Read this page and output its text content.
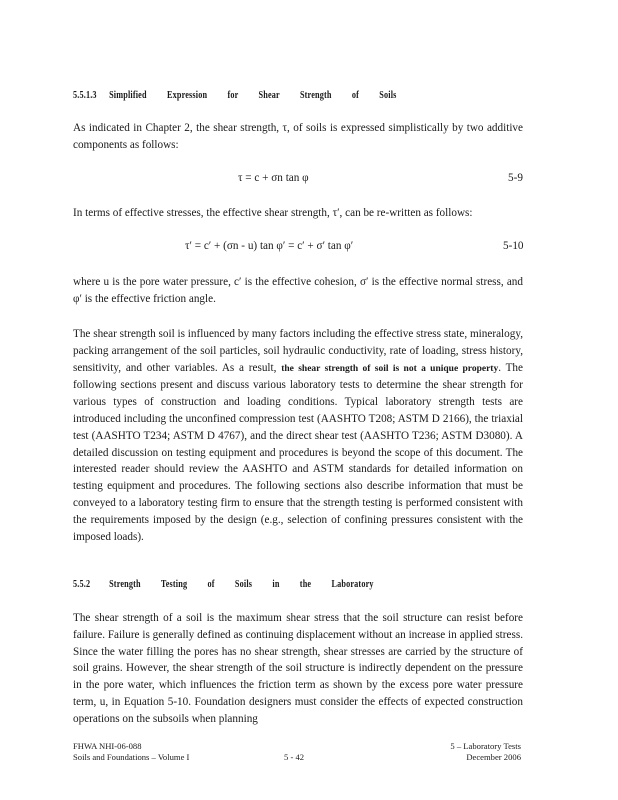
5.5.1.3 Simplified Expression for Shear Strength of Soils

As indicated in Chapter 2, the shear strength, τ, of soils is expressed simplistically by two additive components as follows:

τ = c + σn tan φ	5-9

In terms of effective stresses, the effective shear strength, τ′, can be re-written as follows:

τ′ = c′ + (σn - u) tan φ′ = c′ + σ′ tan φ′	5-10

where u is the pore water pressure, c′ is the effective cohesion, σ′ is the effective normal stress, and φ′ is the effective friction angle.

The shear strength soil is influenced by many factors including the effective stress state, mineralogy, packing arrangement of the soil particles, soil hydraulic conductivity, rate of loading, stress history, sensitivity, and other variables. As a result, the shear strength of soil is not a unique property. The following sections present and discuss various laboratory tests to determine the shear strength for various types of construction and loading conditions. Typical laboratory strength tests are introduced including the unconfined compression test (AASHTO T208; ASTM D 2166), the triaxial test (AASHTO T234; ASTM D 4767), and the direct shear test (AASHTO T236; ASTM D3080). A detailed discussion on testing equipment and procedures is beyond the scope of this document. The interested reader should review the AASHTO and ASTM standards for detailed information on testing equipment and procedures. The following sections also describe information that must be conveyed to a laboratory testing firm to ensure that the strength testing is performed consistent with the requirements imposed by the design (e.g., selection of confining pressures consistent with the imposed loads).

5.5.2 Strength Testing of Soils in the Laboratory

The shear strength of a soil is the maximum shear stress that the soil structure can resist before failure. Failure is generally defined as continuing displacement without an increase in applied stress. Since the water filling the pores has no shear strength, shear stresses are carried by the structure of soil grains. However, the shear strength of the soil structure is indirectly dependent on the pressure in the pore water, which influences the friction term as shown by the excess pore water pressure term, u, in Equation 5-10. Foundation designers must consider the effects of expected construction operations on the subsoils when planning

FHWA NHI-06-088
Soils and Foundations – Volume I	5 - 42
5 – Laboratory Tests
December 2006
